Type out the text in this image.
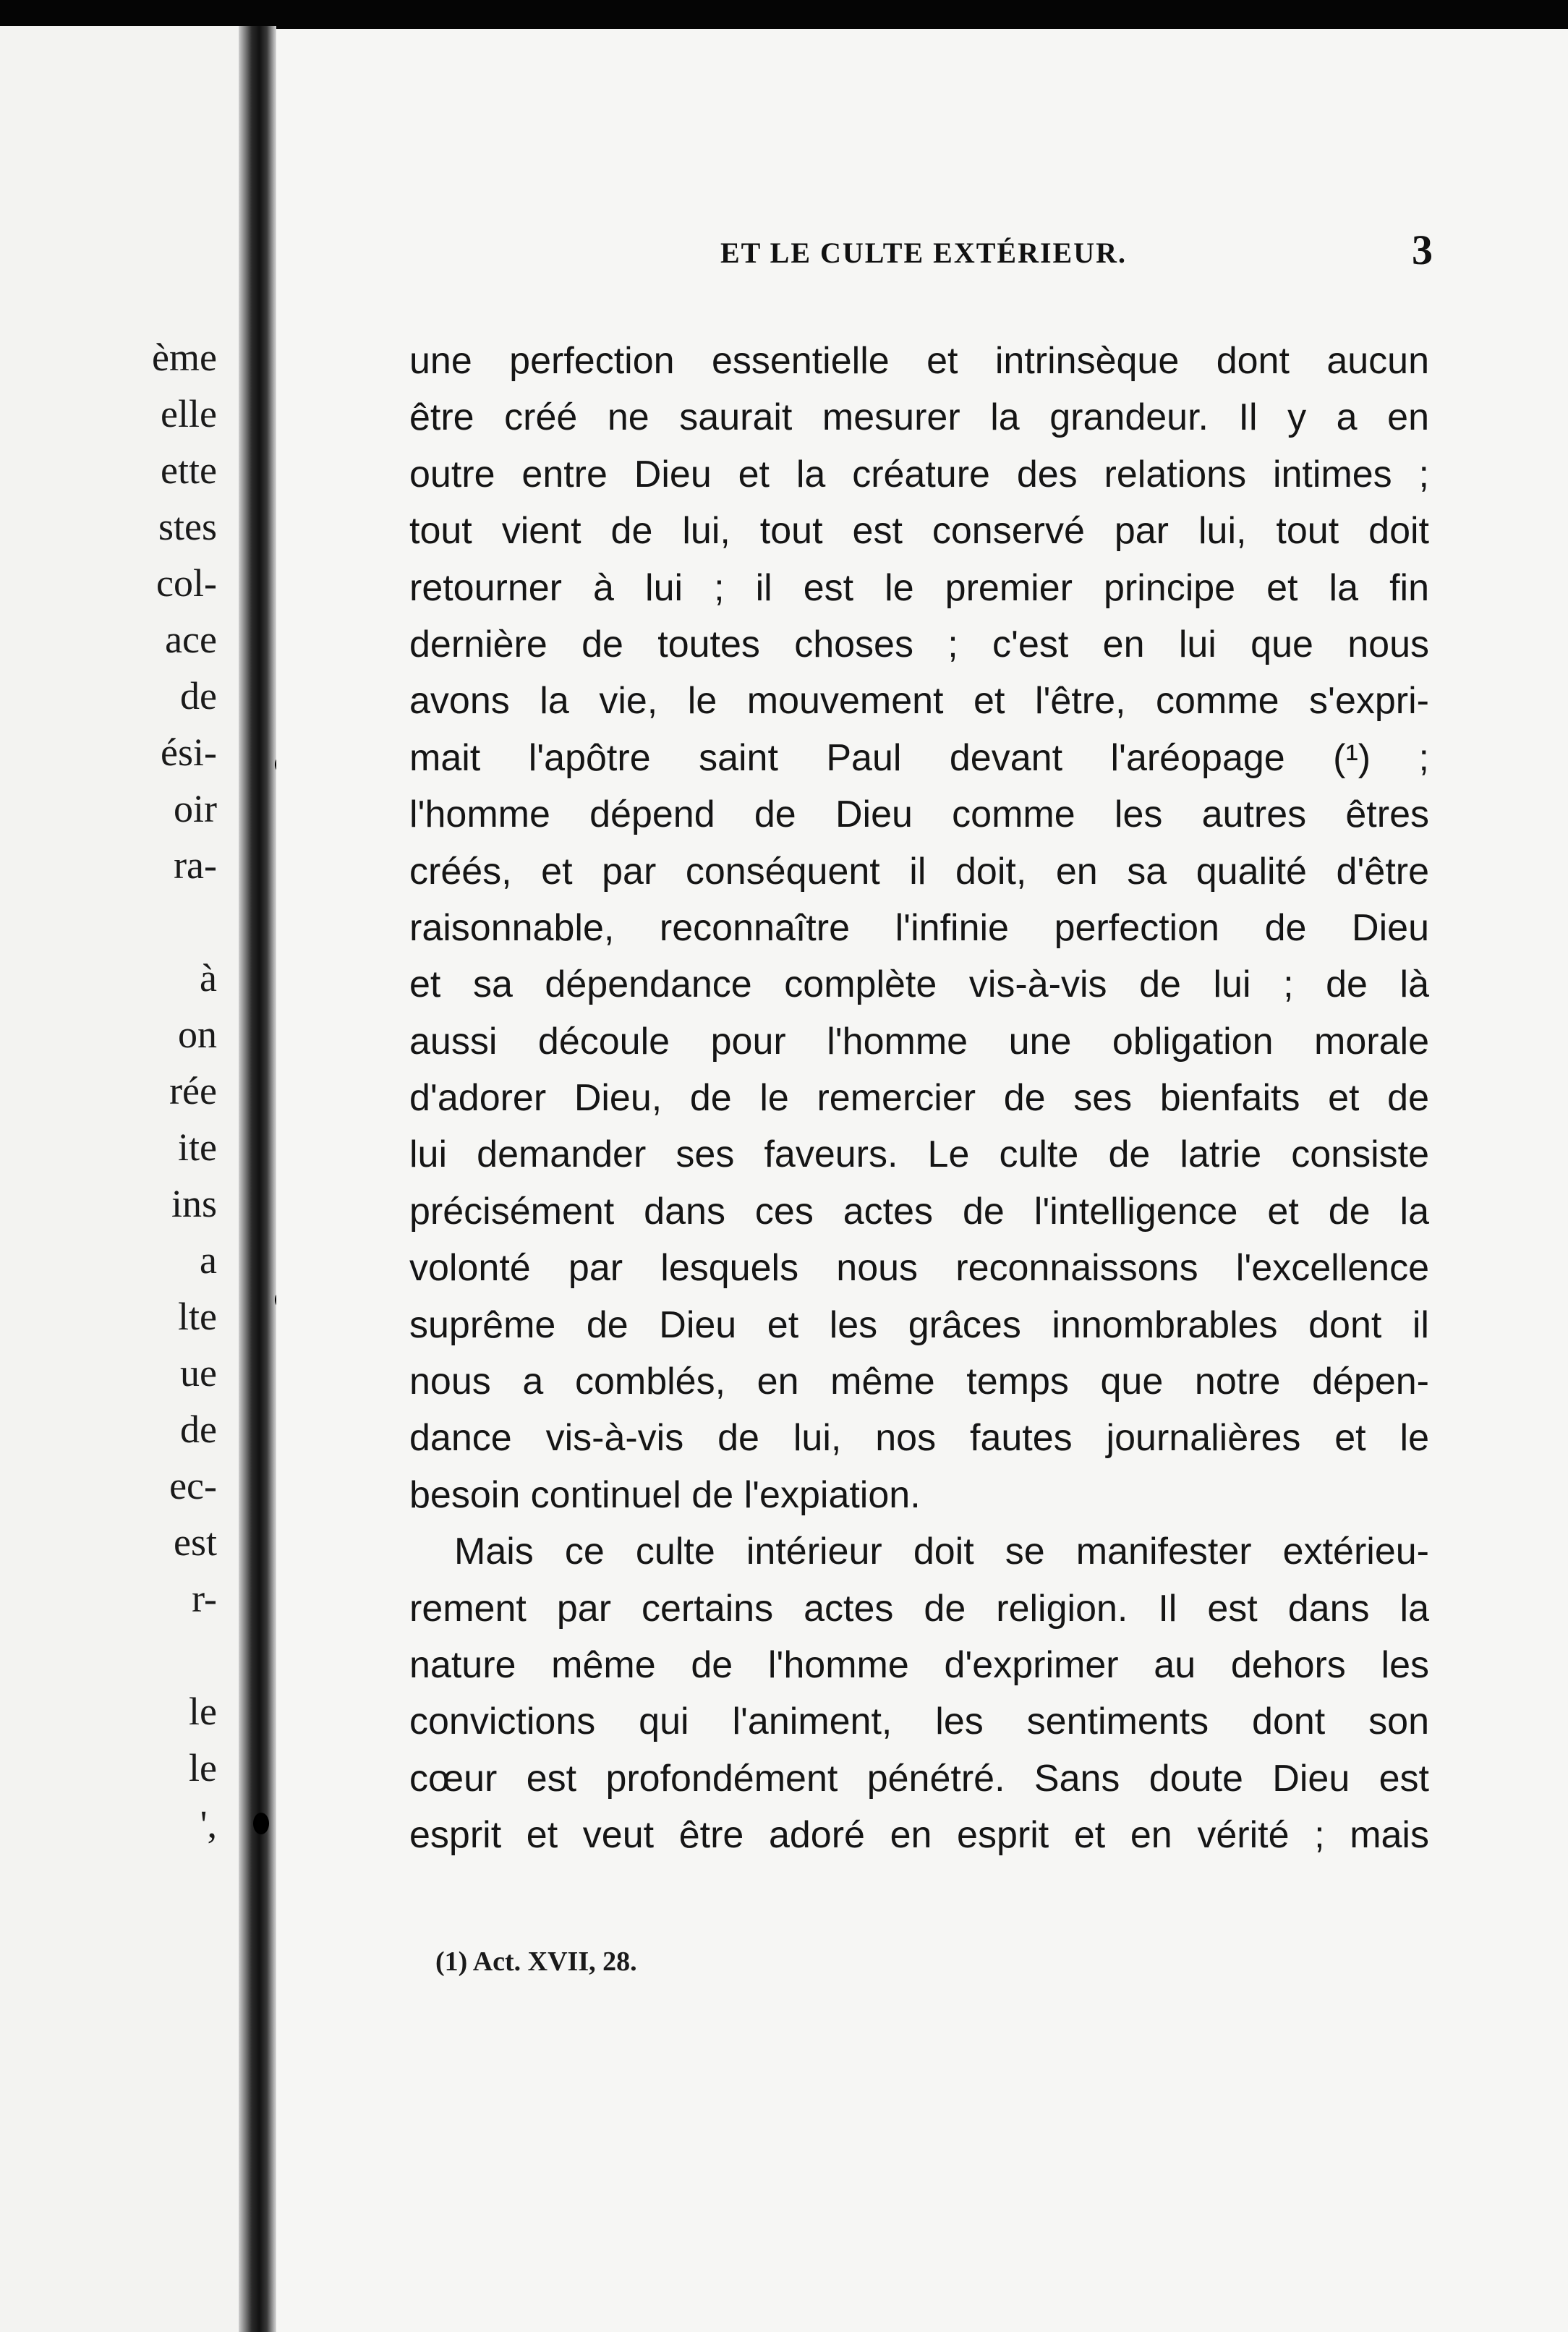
ème
elle
ette
stes
col-
ace
de
ési-
oir
ra-
à
on
rée
ite
ins
a
lte
ue
de
ec-
est
r-
le
le
',
ET LE CULTE EXTÉRIEUR.	3
une perfection essentielle et intrinsèque dont aucun
être créé ne saurait mesurer la grandeur. Il y a en
outre entre Dieu et la créature des relations intimes ;
tout vient de lui, tout est conservé par lui, tout doit
retourner à lui ; il est le premier principe et la fin
dernière de toutes choses ; c'est en lui que nous
avons la vie, le mouvement et l'être, comme s'expri-
mait l'apôtre saint Paul devant l'aréopage (¹) ;
l'homme dépend de Dieu comme les autres êtres
créés, et par conséquent il doit, en sa qualité d'être
raisonnable, reconnaître l'infinie perfection de Dieu
et sa dépendance complète vis-à-vis de lui ; de là
aussi découle pour l'homme une obligation morale
d'adorer Dieu, de le remercier de ses bienfaits et de
lui demander ses faveurs. Le culte de latrie consiste
précisément dans ces actes de l'intelligence et de la
volonté par lesquels nous reconnaissons l'excellence
suprême de Dieu et les grâces innombrables dont il
nous a comblés, en même temps que notre dépen-
dance vis-à-vis de lui, nos fautes journalières et le
besoin continuel de l'expiation.
Mais ce culte intérieur doit se manifester extérieu-
rement par certains actes de religion. Il est dans la
nature même de l'homme d'exprimer au dehors les
convictions qui l'animent, les sentiments dont son
cœur est profondément pénétré. Sans doute Dieu est
esprit et veut être adoré en esprit et en vérité ; mais
(1) Act. XVII, 28.
